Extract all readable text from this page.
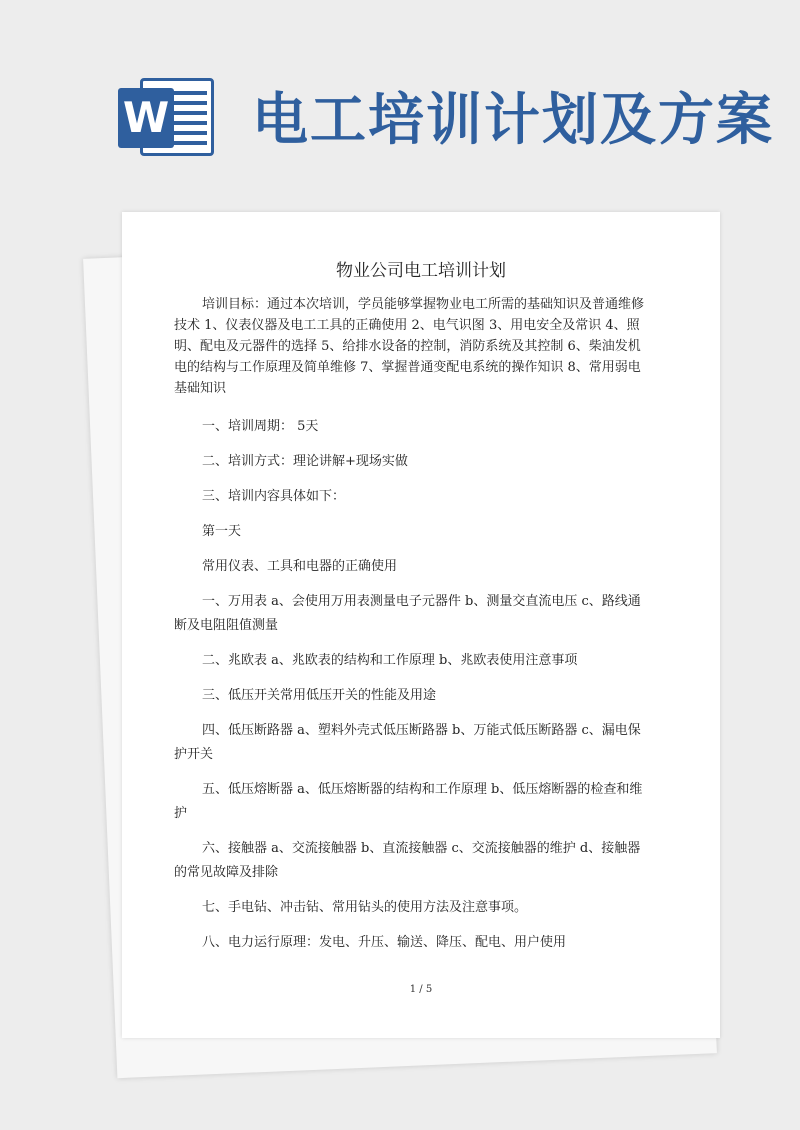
W 电工培训计划及方案
物业公司电工培训计划

培训目标：通过本次培训，学员能够掌握物业电工所需的基础知识及普通维修技术 1、仪表仪器及电工工具的正确使用 2、电气识图 3、用电安全及常识 4、照明、配电及元器件的选择 5、给排水设备的控制，消防系统及其控制 6、柴油发机电的结构与工作原理及简单维修 7、掌握普通变配电系统的操作知识 8、常用弱电基础知识

一、培训周期： 5天

二、培训方式：理论讲解+现场实做

三、培训内容具体如下：

第一天

常用仪表、工具和电器的正确使用

一、万用表 a、会使用万用表测量电子元器件 b、测量交直流电压 c、路线通断及电阻阻值测量

二、兆欧表 a、兆欧表的结构和工作原理 b、兆欧表使用注意事项

三、低压开关常用低压开关的性能及用途

四、低压断路器 a、塑料外壳式低压断路器 b、万能式低压断路器 c、漏电保护开关

五、低压熔断器 a、低压熔断器的结构和工作原理 b、低压熔断器的检查和维护

六、接触器 a、交流接触器 b、直流接触器 c、交流接触器的维护 d、接触器的常见故障及排除

七、手电钻、冲击钻、常用钻头的使用方法及注意事项。

八、电力运行原理：发电、升压、输送、降压、配电、用户使用

1 / 5
